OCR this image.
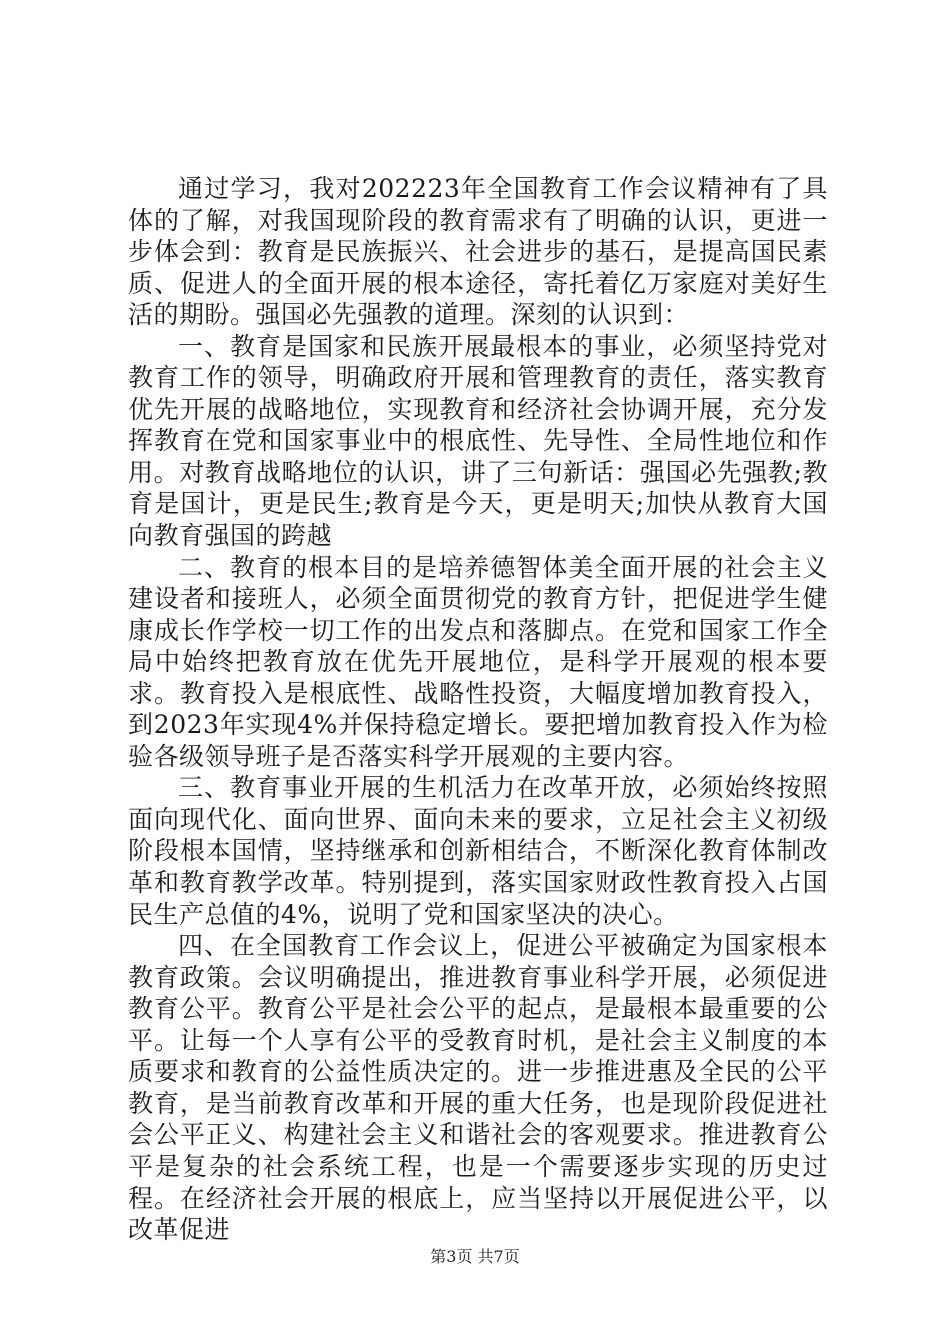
通过学习，我对202223年全国教育工作会议精神有了具体的了解，对我国现阶段的教育需求有了明确的认识，更进一步体会到：教育是民族振兴、社会进步的基石，是提高国民素质、促进人的全面开展的根本途径，寄托着亿万家庭对美好生活的期盼。强国必先强教的道理。深刻的认识到：

一、教育是国家和民族开展最根本的事业，必须坚持党对教育工作的领导，明确政府开展和管理教育的责任，落实教育优先开展的战略地位，实现教育和经济社会协调开展，充分发挥教育在党和国家事业中的根底性、先导性、全局性地位和作用。对教育战略地位的认识，讲了三句新话：强国必先强教;教育是国计，更是民生;教育是今天，更是明天;加快从教育大国向教育强国的跨越

二、教育的根本目的是培养德智体美全面开展的社会主义建设者和接班人，必须全面贯彻党的教育方针，把促进学生健康成长作学校一切工作的出发点和落脚点。在党和国家工作全局中始终把教育放在优先开展地位，是科学开展观的根本要求。教育投入是根底性、战略性投资，大幅度增加教育投入，到2023年实现4%并保持稳定增长。要把增加教育投入作为检验各级领导班子是否落实科学开展观的主要内容。

三、教育事业开展的生机活力在改革开放，必须始终按照面向现代化、面向世界、面向未来的要求，立足社会主义初级阶段根本国情，坚持继承和创新相结合，不断深化教育体制改革和教育教学改革。特别提到，落实国家财政性教育投入占国民生产总值的4%，说明了党和国家坚决的决心。

四、在全国教育工作会议上，促进公平被确定为国家根本教育政策。会议明确提出，推进教育事业科学开展，必须促进教育公平。教育公平是社会公平的起点，是最根本最重要的公平。让每一个人享有公平的受教育时机，是社会主义制度的本质要求和教育的公益性质决定的。进一步推进惠及全民的公平教育，是当前教育改革和开展的重大任务，也是现阶段促进社会公平正义、构建社会主义和谐社会的客观要求。推进教育公平是复杂的社会系统工程，也是一个需要逐步实现的历史过程。在经济社会开展的根底上，应当坚持以开展促进公平，以改革促进

第3页 共7页
